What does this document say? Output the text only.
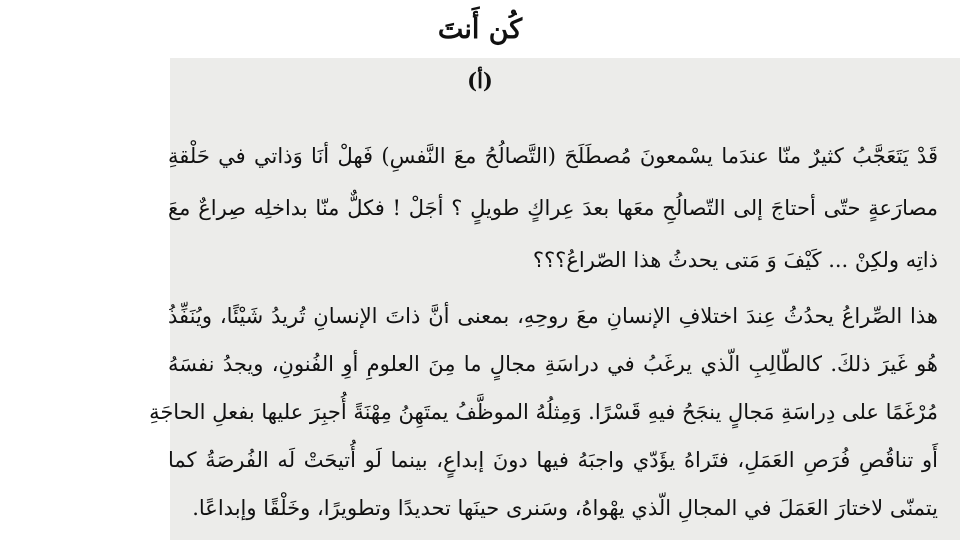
كُن أَنتَ
(أ)
قَدْ يَتَعَجَّبُ كثيرٌ منّا عندَما يسْمعونَ مُصطَلَحَ (التَّصالُحُ معَ النَّفسِ) فَهلْ أنَا وَذاتي في حَلْقةِ
مصارَعةٍ حتّى أحتاجَ إلى التّصالُحِ معَها بعدَ عِراكٍ طويلٍ ؟ أجَلْ ! فكلٌّ منّا بداخلِه صِراعٌ معَ
ذاتِه ولكِنْ ... كَيْفَ وَ مَتى يحدثُ هذا الصّراعُ؟؟؟
هذا الصِّراعُ يحدُثُ عِندَ اختلافِ الإنسانِ معَ روحِهِ، بمعنى أنَّ ذاتَ الإنسانِ تُريدُ شَيْئًا، ويُنَفِّذُ
هُو غَيرَ ذلكَ. كالطّالِبِ الّذي يرغَبُ في دراسَةِ مجالٍ ما مِنَ العلومِ أوِ الفُنونِ، ويجدُ نفسَهُ
مُرْغَمًا على دِراسَةِ مَجالٍ ينجَحُ فيهِ قَسْرًا. وَمِثلُهُ الموظَّفُ يمتَهِنُ مِهْنَةً أُجبِرَ عليها بفعلِ الحاجَةِ
أَو تناقُصِ فُرَصِ العَمَلِ، فتَراهُ يؤَدّي واجبَهُ فيها دونَ إبداعٍ، بينما لَو أُتيحَتْ لَه الفُرصَةُ كما
يتمنّى لاختارَ العَمَلَ في المجالِ الّذي يهْواهُ، وسَنرى حينَها تحديدًا وتطويرًا، وخَلْقًا وإبداعًا.
